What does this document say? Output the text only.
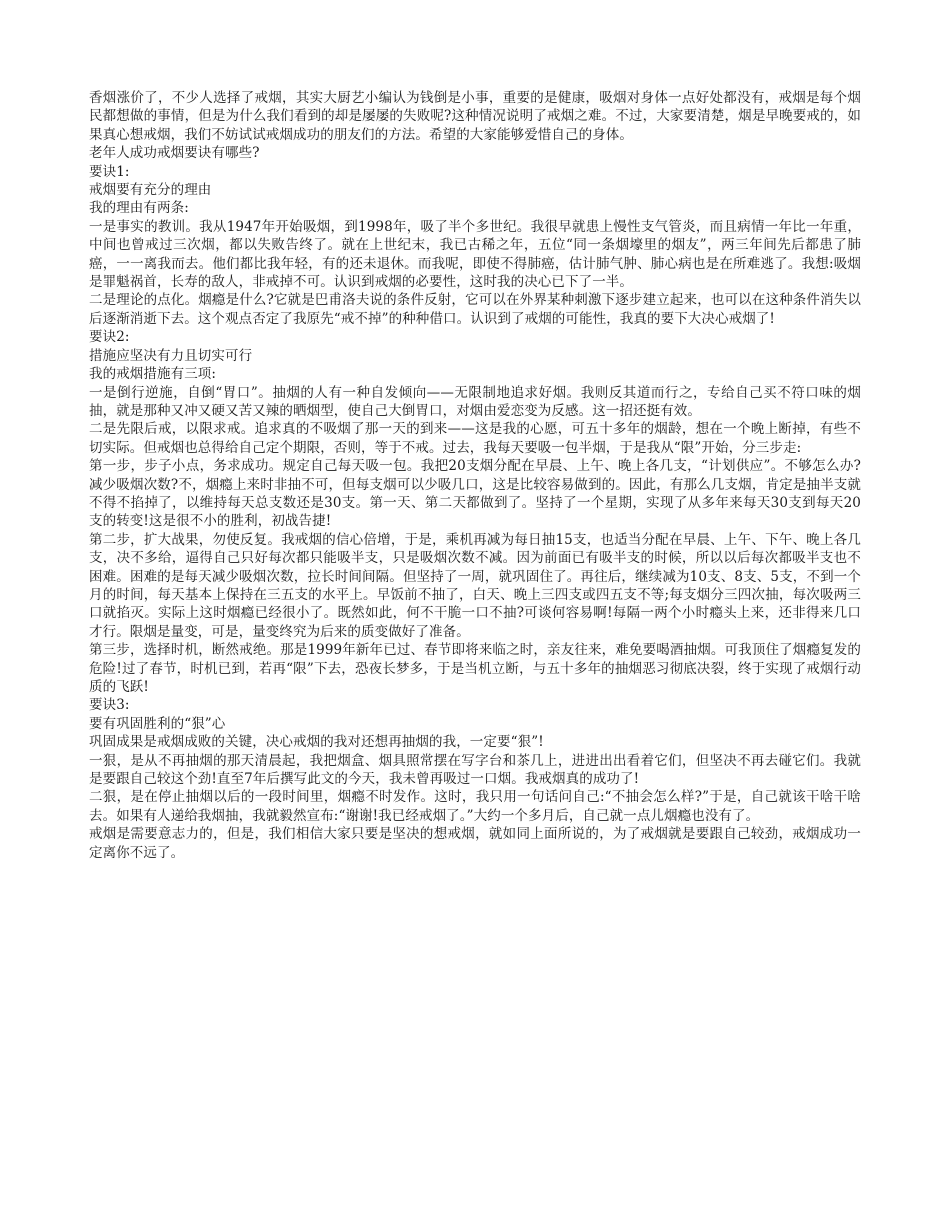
香烟涨价了，不少人选择了戒烟，其实大厨艺小编认为钱倒是小事，重要的是健康，吸烟对身体一点好处都没有，戒烟是每个烟民都想做的事情，但是为什么我们看到的却是屡屡的失败呢?这种情况说明了戒烟之难。不过，大家要清楚，烟是早晚要戒的，如果真心想戒烟，我们不妨试试戒烟成功的朋友们的方法。希望的大家能够爱惜自己的身体。

老年人成功戒烟要诀有哪些?

要诀1:

戒烟要有充分的理由

我的理由有两条:

一是事实的教训。我从1947年开始吸烟，到1998年，吸了半个多世纪。我很早就患上慢性支气管炎，而且病情一年比一年重，中间也曾戒过三次烟，都以失败告终了。就在上世纪末，我已古稀之年，五位“同一条烟壕里的烟友”，两三年间先后都患了肺癌，一一离我而去。他们都比我年轻，有的还未退休。而我呢，即使不得肺癌，估计肺气肿、肺心病也是在所难逃了。我想:吸烟是罪魁祸首，长寿的敌人，非戒掉不可。认识到戒烟的必要性，这时我的决心已下了一半。

二是理论的点化。烟瘾是什么?它就是巴甫洛夫说的条件反射，它可以在外界某种刺激下逐步建立起来，也可以在这种条件消失以后逐渐消逝下去。这个观点否定了我原先“戒不掉”的种种借口。认识到了戒烟的可能性，我真的要下大决心戒烟了!

要诀2:

措施应坚决有力且切实可行

我的戒烟措施有三项:

一是倒行逆施，自倒“胃口”。抽烟的人有一种自发倾向——无限制地追求好烟。我则反其道而行之，专给自己买不符口味的烟抽，就是那种又冲又硬又苦又辣的晒烟型，使自己大倒胃口，对烟由爱恋变为反感。这一招还挺有效。

二是先限后戒，以限求戒。追求真的不吸烟了那一天的到来——这是我的心愿，可五十多年的烟龄，想在一个晚上断掉，有些不切实际。但戒烟也总得给自己定个期限，否则，等于不戒。过去，我每天要吸一包半烟，于是我从“限”开始，分三步走:

第一步，步子小点，务求成功。规定自己每天吸一包。我把20支烟分配在早晨、上午、晚上各几支，“计划供应”。不够怎么办?减少吸烟次数?不，烟瘾上来时非抽不可，但每支烟可以少吸几口，这是比较容易做到的。因此，有那么几支烟，肯定是抽半支就不得不掐掉了，以维持每天总支数还是30支。第一天、第二天都做到了。坚持了一个星期，实现了从多年来每天30支到每天20支的转变!这是很不小的胜利，初战告捷!

第二步，扩大战果，勿使反复。我戒烟的信心倍增，于是，乘机再减为每日抽15支，也适当分配在早晨、上午、下午、晚上各几支，决不多给，逼得自己只好每次都只能吸半支，只是吸烟次数不减。因为前面已有吸半支的时候，所以以后每次都吸半支也不困难。困难的是每天减少吸烟次数，拉长时间间隔。但坚持了一周，就巩固住了。再往后，继续减为10支、8支、5支，不到一个月的时间，每天基本上保持在三五支的水平上。早饭前不抽了，白天、晚上三四支或四五支不等;每支烟分三四次抽，每次吸两三口就掐灭。实际上这时烟瘾已经很小了。既然如此，何不干脆一口不抽?可谈何容易啊!每隔一两个小时瘾头上来，还非得来几口才行。限烟是量变，可是，量变终究为后来的质变做好了准备。

第三步，选择时机，断然戒绝。那是1999年新年已过、春节即将来临之时，亲友往来，难免要喝酒抽烟。可我顶住了烟瘾复发的危险!过了春节，时机已到，若再“限”下去，恐夜长梦多，于是当机立断，与五十多年的抽烟恶习彻底决裂，终于实现了戒烟行动质的飞跃!

要诀3:

要有巩固胜利的“狠”心

巩固成果是戒烟成败的关键，决心戒烟的我对还想再抽烟的我，一定要“狠”!

一狠，是从不再抽烟的那天清晨起，我把烟盒、烟具照常摆在写字台和茶几上，进进出出看着它们，但坚决不再去碰它们。我就是要跟自己较这个劲!直至7年后撰写此文的今天，我未曾再吸过一口烟。我戒烟真的成功了!

二狠，是在停止抽烟以后的一段时间里，烟瘾不时发作。这时，我只用一句话问自己:“不抽会怎么样?”于是，自己就该干啥干啥去。如果有人递给我烟抽，我就毅然宣布:“谢谢!我已经戒烟了。”大约一个多月后，自己就一点儿烟瘾也没有了。

戒烟是需要意志力的，但是，我们相信大家只要是坚决的想戒烟，就如同上面所说的，为了戒烟就是要跟自己较劲，戒烟成功一定离你不远了。
